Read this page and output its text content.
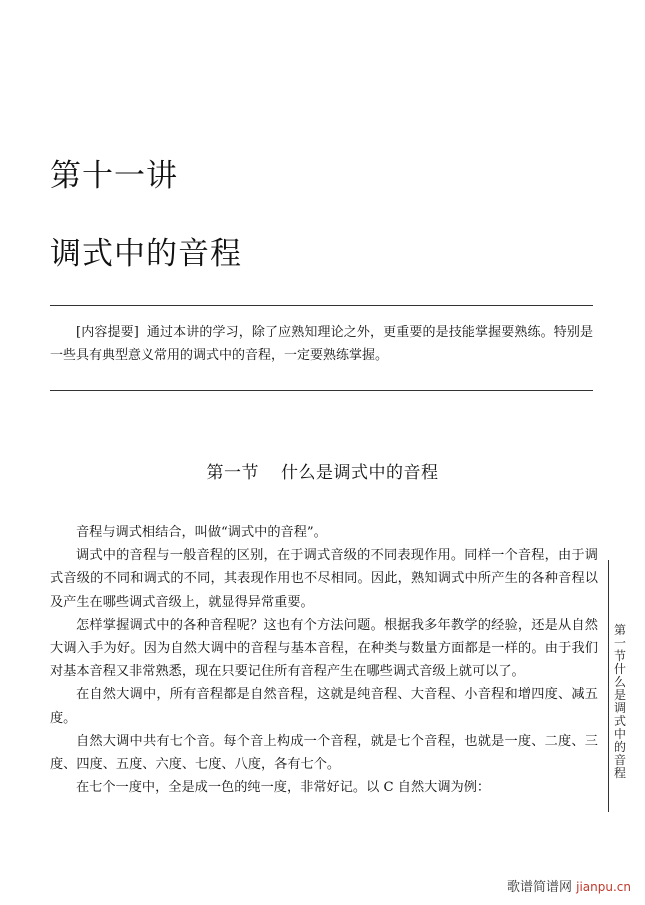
第十一讲
调式中的音程
[内容提要] 通过本讲的学习，除了应熟知理论之外，更重要的是技能掌握要熟练。特别是一些具有典型意义常用的调式中的音程，一定要熟练掌握。
第一节 什么是调式中的音程

音程与调式相结合，叫做“调式中的音程”。

调式中的音程与一般音程的区别，在于调式音级的不同表现作用。同样一个音程，由于调式音级的不同和调式的不同，其表现作用也不尽相同。因此，熟知调式中所产生的各种音程以及产生在哪些调式音级上，就显得异常重要。

怎样掌握调式中的各种音程呢？这也有个方法问题。根据我多年教学的经验，还是从自然大调入手为好。因为自然大调中的音程与基本音程，在种类与数量方面都是一样的。由于我们对基本音程又非常熟悉，现在只要记住所有音程产生在哪些调式音级上就可以了。

在自然大调中，所有音程都是自然音程，这就是纯音程、大音程、小音程和增四度、减五度。

自然大调中共有七个音。每个音上构成一个音程，就是七个音程，也就是一度、二度、三度、四度、五度、六度、七度、八度，各有七个。

在七个一度中，全是成一色的纯一度，非常好记。以 C 自然大调为例：

第一节　什么是调式中的音程
歌谱简谱网 jianpu.cn
